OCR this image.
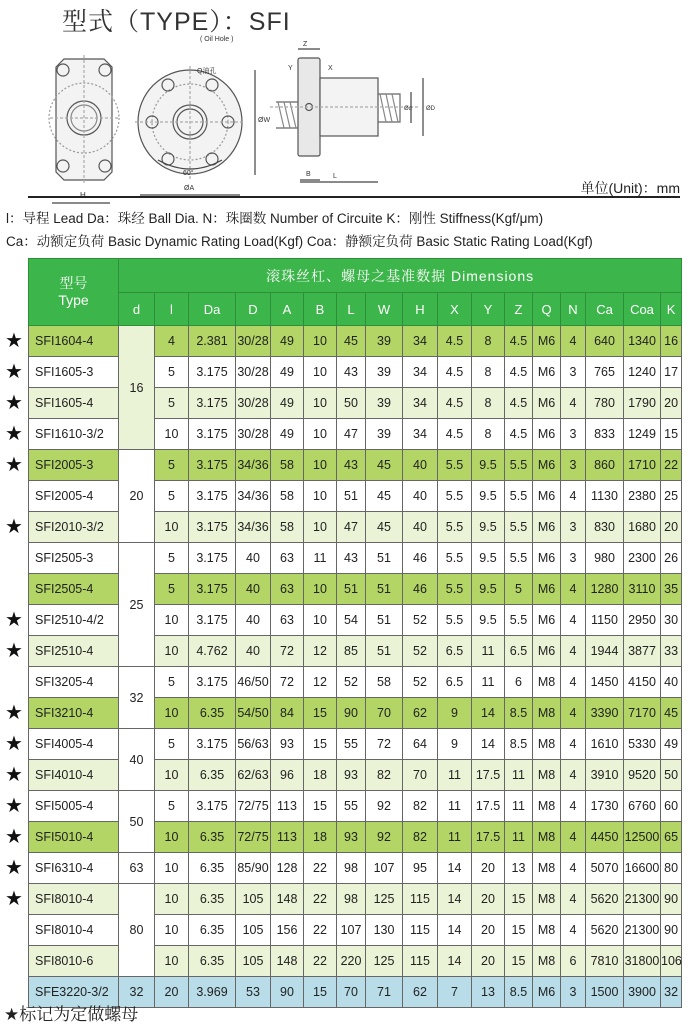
型式（TYPE）：SFI
Q油孔
( Oil Hole )
60°
ØA
ØW
Z
Y	X
B	L
Ød ØD
单位(Unit)：mm
l：导程 Lead Da：珠经 Ball Dia. N：珠圈数 Number of Circuite K：刚性 Stiffness(Kgf/μm)
Ca：动额定负荷 Basic Dynamic Rating Load(Kgf) Coa：静额定负荷 Basic Static Rating Load(Kgf)
型号
Type	滚珠丝杠、螺母之基准数据 Dimensions																
	d	l	Da	D	A	B	L	W	H	X	Y	Z	Q	N	Ca	Coa	K
SFI1604-4	16	4	2.381	30/28	49	10	45	39	34	4.5	8	4.5	M6	4	640	1340	16
SFI1605-3		5	3.175	30/28	49	10	43	39	34	4.5	8	4.5	M6	3	765	1240	17
SFI1605-4		5	3.175	30/28	49	10	50	39	34	4.5	8	4.5	M6	4	780	1790	20
SFI1610-3/2		10	3.175	30/28	49	10	47	39	34	4.5	8	4.5	M6	3	833	1249	15
SFI2005-3	20	5	3.175	34/36	58	10	43	45	40	5.5	9.5	5.5	M6	3	860	1710	22
SFI2005-4		5	3.175	34/36	58	10	51	45	40	5.5	9.5	5.5	M6	4	1130	2380	25
SFI2010-3/2		10	3.175	34/36	58	10	47	45	40	5.5	9.5	5.5	M6	3	830	1680	20
SFI2505-3	25	5	3.175	40	63	11	43	51	46	5.5	9.5	5.5	M6	3	980	2300	26
SFI2505-4		5	3.175	40	63	10	51	51	46	5.5	9.5	5	M6	4	1280	3110	35
SFI2510-4/2		10	3.175	40	63	10	54	51	52	5.5	9.5	5.5	M6	4	1150	2950	30
SFI2510-4		10	4.762	40	72	12	85	51	52	6.5	11	6.5	M6	4	1944	3877	33
SFI3205-4	32	5	3.175	46/50	72	12	52	58	52	6.5	11	6	M8	4	1450	4150	40
SFI3210-4		10	6.35	54/50	84	15	90	70	62	9	14	8.5	M8	4	3390	7170	45
SFI4005-4	40	5	3.175	56/63	93	15	55	72	64	9	14	8.5	M8	4	1610	5330	49
SFI4010-4		10	6.35	62/63	96	18	93	82	70	11	17.5	11	M8	4	3910	9520	50
SFI5005-4	50	5	3.175	72/75	113	15	55	92	82	11	17.5	11	M8	4	1730	6760	60
SFI5010-4		10	6.35	72/75	113	18	93	92	82	11	17.5	11	M8	4	4450	12500	65
SFI6310-4	63	10	6.35	85/90	128	22	98	107	95	14	20	13	M8	4	5070	16600	80
SFI8010-4	80	10	6.35	105	148	22	98	125	115	14	20	15	M8	4	5620	21300	90
SFI8010-4		10	6.35	105	156	22	107	130	115	14	20	15	M8	4	5620	21300	90
SFI8010-6		10	6.35	105	148	22	220	125	115	14	20	15	M8	6	7810	31800	106
SFE3220-3/2	32	20	3.969	53	90	15	70	71	62	7	13	8.5	M6	3	1500	3900	32
★
★
★
★
★
★
★
★
★
★
★
★
★
★
★
★标记为定做螺母
